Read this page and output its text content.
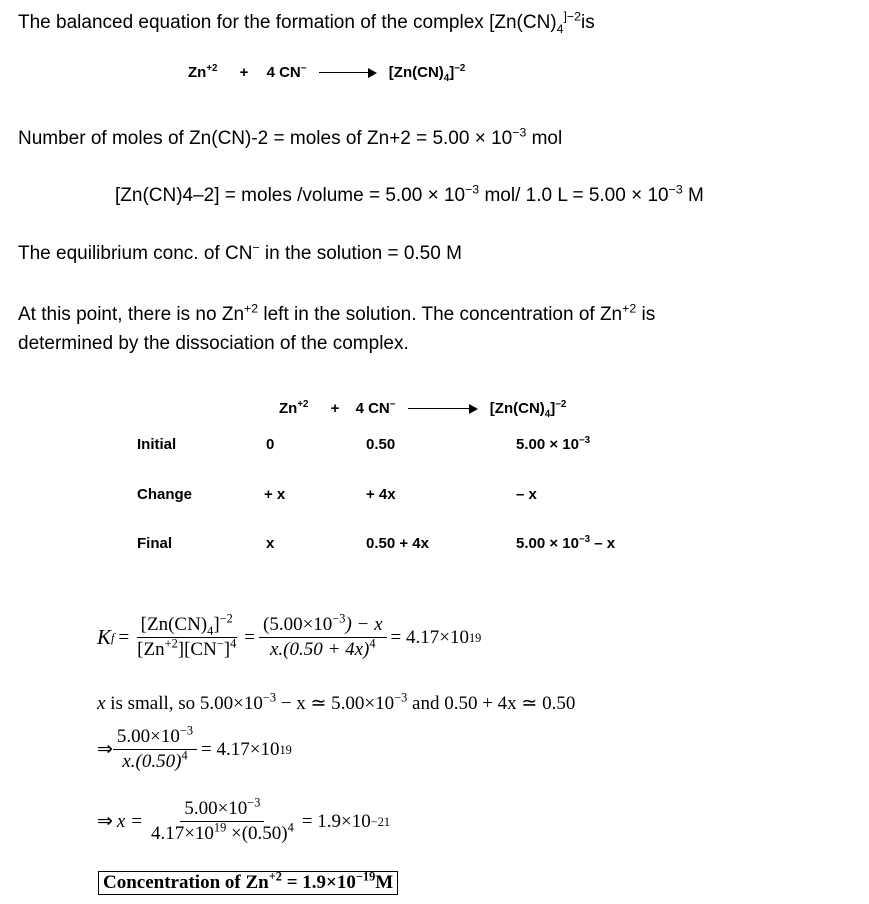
The balanced equation for the formation of the complex [$Zn(CN)_4^{]-2}is$
$Zn^{+2} + 4$ CN−	$[Zn(CN)_4]^{-2}$
Number of moles of Zn(CN)-2 = moles of $Zn+2 = 5.00 \times 10^{-3}$ mol
[Zn(CN)4–2] = moles /volume = $5.00 \times 10^{-3}$ mol/ 1.0 $L = 5.00 \times 10^{-3}$ M
The equilibrium conc. of CN− in the solution = 0.50 M
At this point, there is no $Zn^{+2}$ left in the solution. The concentration of $Zn^{+2}$ is
determined by the dissociation of the complex.
$Zn^{+2} + 4$ CN−	$[Zn(CN)_4]^{-2}$
Initial	0	0.50	$5.00 \times 10^{-3}$
Change	+ x	+ 4x	– x
Final	x	0.50 + 4x	$5.00 \times 10^{-3} - x$
K $f = \frac{[Zn(CN)_4]^{-2}}{[Zn^{+2}][CN^-]^4} = \frac{(5.00\times 10^{-3}) - x}{x.(0.50 + 4x)^4} = 4.17\times 10$ 19
x is small, so $5.00\times 10^{-3} - x$ ≃ $5.00\times 10^{-3}$ and 0.50 + 4x ≃ 0.50
⇒ $\frac{5.00\times 10^{-3}}{x.(0.50)^4} = 4.17\times 10$ 19
⇒ $x = \frac{5.00\times 10^{-3}}{4.17\times 10^{19} \times(0.50)^4} = 1.9\times 10 -21$
Concentration of $Zn^{+2} = 1.9\times 10^{-19}M$
